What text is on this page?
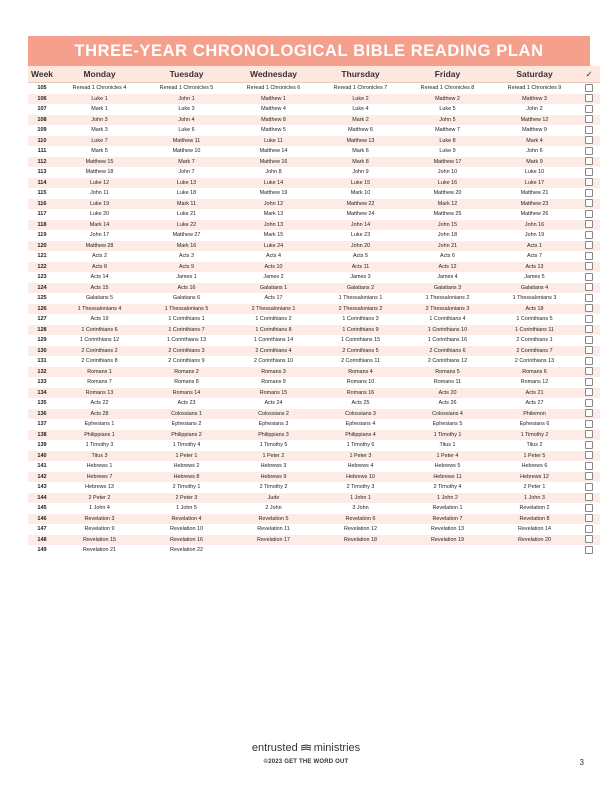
THREE-YEAR CHRONOLOGICAL BIBLE READING PLAN
Week	Monday	Tuesday	Wednesday	Thursday	Friday	Saturday	✓
105	Reread 1 Chronicles 4	Reread 1 Chronicles 5	Reread 1 Chronicles 6	Reread 1 Chronicles 7	Reread 1 Chronicles 8	Reread 1 Chronicles 9	
106	Luke 1	John 1	Matthew 1	Luke 2	Matthew 2	Matthew 3	
107	Mark 1	Luke 3	Matthew 4	Luke 4	Luke 5	John 2	
108	John 3	John 4	Matthew 8	Mark 2	John 5	Matthew 12	
109	Mark 3	Luke 6	Matthew 5	Matthew 6	Matthew 7	Matthew 9	
110	Luke 7	Matthew 11	Luke 11	Matthew 13	Luke 8	Mark 4	
111	Mark 5	Matthew 10	Matthew 14	Mark 6	Luke 9	John 6	
112	Matthew 15	Mark 7	Matthew 16	Mark 8	Matthew 17	Mark 9	
113	Matthew 18	John 7	John 8	John 9	John 10	Luke 10	
114	Luke 12	Luke 13	Luke 14	Luke 15	Luke 16	Luke 17	
115	John 11	Luke 18	Matthew 19	Mark 10	Matthew 20	Matthew 21	
116	Luke 19	Mark 11	John 12	Matthew 22	Mark 12	Matthew 23	
117	Luke 20	Luke 21	Mark 13	Matthew 24	Matthew 25	Matthew 26	
118	Mark 14	Luke 22	John 13	John 14	John 15	John 16	
119	John 17	Matthew 27	Mark 15	Luke 23	John 18	John 19	
120	Matthew 28	Mark 16	Luke 24	John 20	John 21	Acts 1	
121	Acts 2	Acts 3	Acts 4	Acts 5	Acts 6	Acts 7	
122	Acts 8	Acts 9	Acts 10	Acts 11	Acts 12	Acts 13	
123	Acts 14	James 1	James 2	James 3	James 4	James 5	
124	Acts 15	Acts 16	Galatians 1	Galatians 2	Galatians 3	Galatians 4	
125	Galatians 5	Galatians 6	Acts 17	1 Thessalonians 1	1 Thessalonians 2	1 Thessalonians 3	
126	1 Thessalonians 4	1 Thessalonians 5	2 Thessalonians 1	2 Thessalonians 2	2 Thessalonians 3	Acts 18	
127	Acts 19	1 Corinthians 1	1 Corinthians 2	1 Corinthians 3	1 Corinthians 4	1 Corinthians 5	
128	1 Corinthians 6	1 Corinthians 7	1 Corinthians 8	1 Corinthians 9	1 Corinthians 10	1 Corinthians 11	
129	1 Corinthians 12	1 Corinthians 13	1 Corinthians 14	1 Corinthians 15	1 Corinthians 16	2 Corinthians 1	
130	2 Corinthians 2	2 Corinthians 3	2 Corinthians 4	2 Corinthians 5	2 Corinthians 6	2 Corinthians 7	
131	2 Corinthians 8	2 Corinthians 9	2 Corinthians 10	2 Corinthians 11	2 Corinthians 12	2 Corinthians 13	
132	Romans 1	Romans 2	Romans 3	Romans 4	Romans 5	Romans 6	
133	Romans 7	Romans 8	Romans 9	Romans 10	Romans 11	Romans 12	
134	Romans 13	Romans 14	Romans 15	Romans 16	Acts 20	Acts 21	
135	Acts 22	Acts 23	Acts 24	Acts 25	Acts 26	Acts 27	
136	Acts 28	Colossians 1	Colossians 2	Colossians 3	Colossians 4	Philemon	
137	Ephesians 1	Ephesians 2	Ephesians 3	Ephesians 4	Ephesians 5	Ephesians 6	
138	Philippians 1	Philippians 2	Philippians 3	Philippians 4	1 Timothy 1	1 Timothy 2	
139	1 Timothy 3	1 Timothy 4	1 Timothy 5	1 Timothy 6	Titus 1	Titus 2	
140	Titus 3	1 Peter 1	1 Peter 2	1 Peter 3	1 Peter 4	1 Peter 5	
141	Hebrews 1	Hebrews 2	Hebrews 3	Hebrews 4	Hebrews 5	Hebrews 6	
142	Hebrews 7	Hebrews 8	Hebrews 9	Hebrews 10	Hebrews 11	Hebrews 12	
143	Hebrews 13	2 Timothy 1	2 Timothy 2	2 Timothy 3	2 Timothy 4	2 Peter 1	
144	2 Peter 2	2 Peter 3	Jude	1 John 1	1 John 2	1 John 3	
145	1 John 4	1 John 5	2 John	3 John	Revelation 1	Revelation 2	
146	Revelation 3	Revelation 4	Revelation 5	Revelation 6	Revelation 7	Revelation 8	
147	Revelation 9	Revelation 10	Revelation 11	Revelation 12	Revelation 13	Revelation 14	
148	Revelation 15	Revelation 16	Revelation 17	Revelation 18	Revelation 19	Revelation 20	
149	Revelation 21	Revelation 22					
entrusted ministries
©2023 GET THE WORD OUT	3
